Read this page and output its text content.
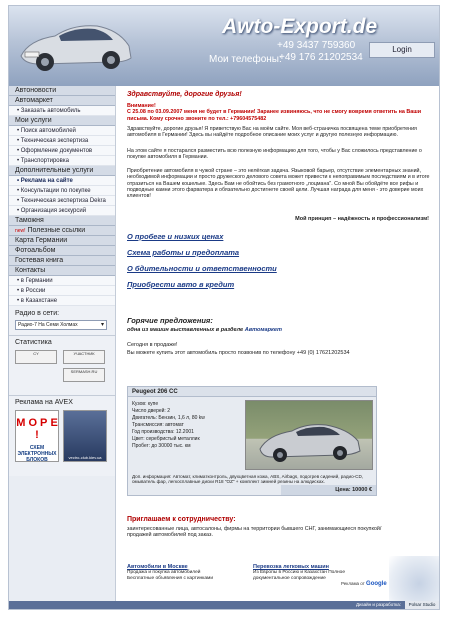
Awto-Export.de
Мои телефоны:
+49 3437 759360
+49 176 21202534
Login
Автоновости
Автомаркет
• Заказать автомобиль
Мои услуги
• Поиск автомобилей
• Техническая экспертиза
• Оформление документов
• Транспортировка
Дополнительные услуги
• Реклама на сайте
• Консультации по покупке
• Техническая экспертиза Dekra
• Организация экскурсий
Таможня
$^{new!}$ Полезные ссылки
Карта Германии
Фотоальбом
Гостевая книга
Контакты
• в Германии
• в России
• в Казахстане
Радио в сети:
Радио-7 На Семи Холмах ▾
Статистика
CY	УЧАСТНИК
SERMASH.RU
Реклама на AVEX
М О Р Е !
СХЕМ ЭЛЕКТРОННЫХ БЛОКОВ	vectro-club.kiev.ua
Здравствуйте, дорогие друзья!
Внимание!
С 25.08 по 03.09.2007 меня не будет в Германии! Заранее извиняюсь, что не смогу вовремя ответить на Ваши письма. Кому срочно звоните по тел.: +79604575482
Здравствуйте, дорогие друзья! Я приветствую Вас на моём сайте. Моя веб-страничка посвящена теме приобретения автомобиля в Германии! Здесь вы найдёте подробное описание моих услуг и другую полезную информацию.
На этом сайте я постарался разместить всю полезную информацию для того, чтобы у Вас сложилось представление о покупке автомобиля в Германии.
Приобретение автомобиля в чужой стране – это нелёгкая задача. Языковой барьер, отсутствие элементарных знаний, необходимой информации и просто дружеского делового совета может привести к непоправимым последствиям и в итоге отразиться на Вашем кошельке. Здесь Вам не обойтись без грамотного „лоцмана". Со мной Вы обойдёте все рифы и подводные камни этого фарватера и обязательно достигнете своей цели. Лучшая награда для меня - это доверие моих клиентов!
Мой принцип – надёжность и профессионализм!
О пробеге и низких ценах
Схема работы и предоплата
О бдительности и ответственности
Приобрести авто в кредит
Горячие предложения:
одна из машин выставленных в разделе Автомаркет
Сегодня в продаже!
Вы можете купить этот автомобиль просто позвонив по телефону +49 (0) 17621202534
Peugeot 206 CC
Кузов: купе
Число дверей: 2
Двигатель: Бензин, 1,6 л, 80 kw
Трансмиссия: автомат
Год производства: 12.2001
Цвет: серебристый металлик
Пробег: до 30000 тыс. км
Доп. информация: Автомат, климатконтроль, двухцветная кожа, ABS, Airbags, подогрев сидений, радио-CD, омыватель фар, легкосплавные диски R18 "OZ" + комплект зимней резины на алюдисках.
Цена: 10000 €
Приглашаем к сотрудничеству:
заинтересованные лица, автосалоны, фирмы на территории бывшего СНГ, занимающиеся покупкой/продажей автомобилей под заказ.
Автомобили в Москве
Продажа и покупка автомобилей
Бесплатные объявления с картинками
Перевозка легковых машин
Из Европы в Россию и Казахстан Полное
документальное сопровождение
Реклама от Google
Дизайн и разработка:	Polsar Studio
